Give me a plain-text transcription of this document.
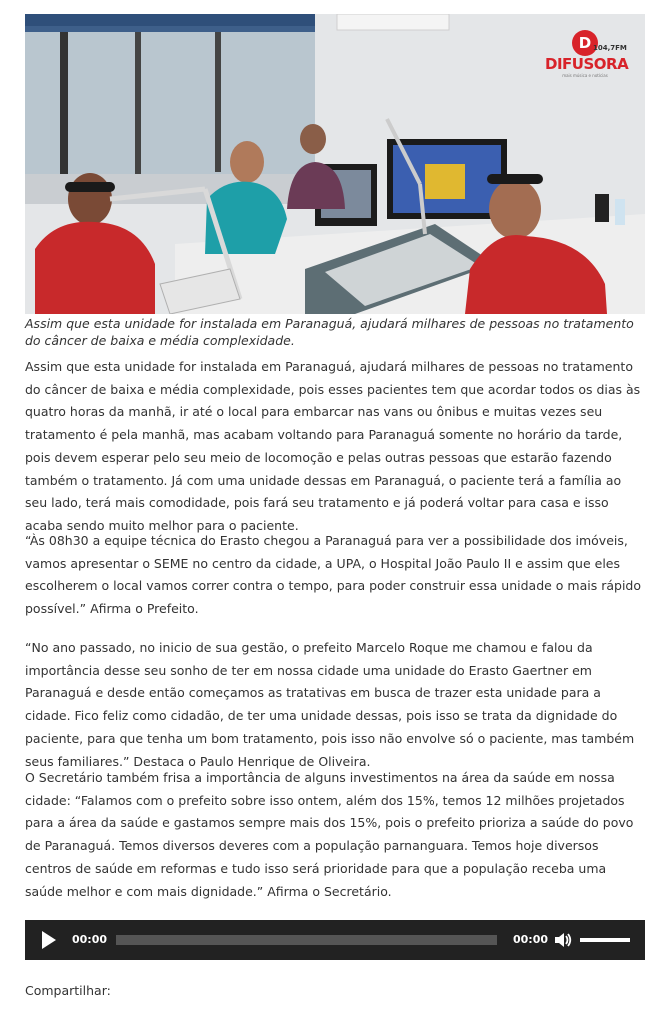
D 104,7FM
DIFUSORA
mais música e notícias
Assim que esta unidade for instalada em Paranaguá, ajudará milhares de pessoas no tratamento do câncer de baixa e média complexidade.

Assim que esta unidade for instalada em Paranaguá, ajudará milhares de pessoas no tratamento do câncer de baixa e média complexidade, pois esses pacientes tem que acordar todos os dias às quatro horas da manhã, ir até o local para embarcar nas vans ou ônibus e muitas vezes seu tratamento é pela manhã, mas acabam voltando para Paranaguá somente no horário da tarde, pois devem esperar pelo seu meio de locomoção e pelas outras pessoas que estarão fazendo também o tratamento. Já com uma unidade dessas em Paranaguá, o paciente terá a família ao seu lado, terá mais comodidade, pois fará seu tratamento e já poderá voltar para casa e isso acaba sendo muito melhor para o paciente.

“Às 08h30 a equipe técnica do Erasto chegou a Paranaguá para ver a possibilidade dos imóveis, vamos apresentar o SEME no centro da cidade, a UPA, o Hospital João Paulo II e assim que eles escolherem o local vamos correr contra o tempo, para poder construir essa unidade o mais rápido possível.” Afirma o Prefeito.

“No ano passado, no inicio de sua gestão, o prefeito Marcelo Roque me chamou e falou da importância desse seu sonho de ter em nossa cidade uma unidade do Erasto Gaertner em Paranaguá e desde então começamos as tratativas em busca de trazer esta unidade para a cidade. Fico feliz como cidadão, de ter uma unidade dessas, pois isso se trata da dignidade do paciente, para que tenha um bom tratamento, pois isso não envolve só o paciente, mas também seus familiares.” Destaca o Paulo Henrique de Oliveira.

O Secretário também frisa a importância de alguns investimentos na área da saúde em nossa cidade: “Falamos com o prefeito sobre isso ontem, além dos 15%, temos 12 milhões projetados para a área da saúde e gastamos sempre mais dos 15%, pois o prefeito prioriza a saúde do povo de Paranaguá. Temos diversos deveres com a população parnanguara. Temos hoje diversos centros de saúde em reformas e tudo isso será prioridade para que a população receba uma saúde melhor e com mais dignidade.” Afirma o Secretário.

00:00	00:00
Compartilhar:
